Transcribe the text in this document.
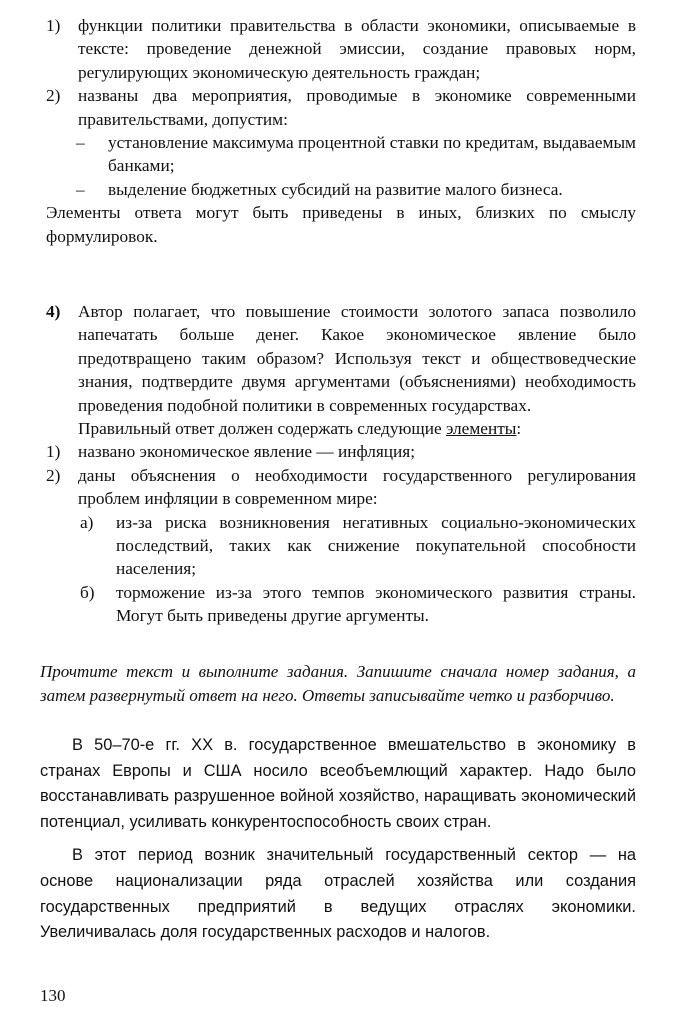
1) функции политики правительства в области экономики, описываемые в тексте: проведение денежной эмиссии, создание правовых норм, регулирующих экономическую деятельность граждан;
2) названы два мероприятия, проводимые в экономике современными правительствами, допустим:
– установление максимума процентной ставки по кредитам, выдаваемым банками;
– выделение бюджетных субсидий на развитие малого бизнеса.
Элементы ответа могут быть приведены в иных, близких по смыслу формулировок.
4) Автор полагает, что повышение стоимости золотого запаса позволило напечатать больше денег. Какое экономическое явление было предотвращено таким образом? Используя текст и обществоведческие знания, подтвердите двумя аргументами (объяснениями) необходимость проведения подобной политики в современных государствах.
Правильный ответ должен содержать следующие элементы:
1) названо экономическое явление — инфляция;
2) даны объяснения о необходимости государственного регулирования проблем инфляции в современном мире:
а) из-за риска возникновения негативных социально-экономических последствий, таких как снижение покупательной способности населения;
б) торможение из-за этого темпов экономического развития страны. Могут быть приведены другие аргументы.
Прочтите текст и выполните задания. Запишите сначала номер задания, а затем развернутый ответ на него. Ответы записывайте четко и разборчиво.

В 50–70-е гг. XX в. государственное вмешательство в экономику в странах Европы и США носило всеобъемлющий характер. Надо было восстанавливать разрушенное войной хозяйство, наращивать экономический потенциал, усиливать конкурентоспособность своих стран.

В этот период возник значительный государственный сектор — на основе национализации ряда отраслей хозяйства или создания государственных предприятий в ведущих отраслях экономики. Увеличивалась доля государственных расходов и налогов.

130
